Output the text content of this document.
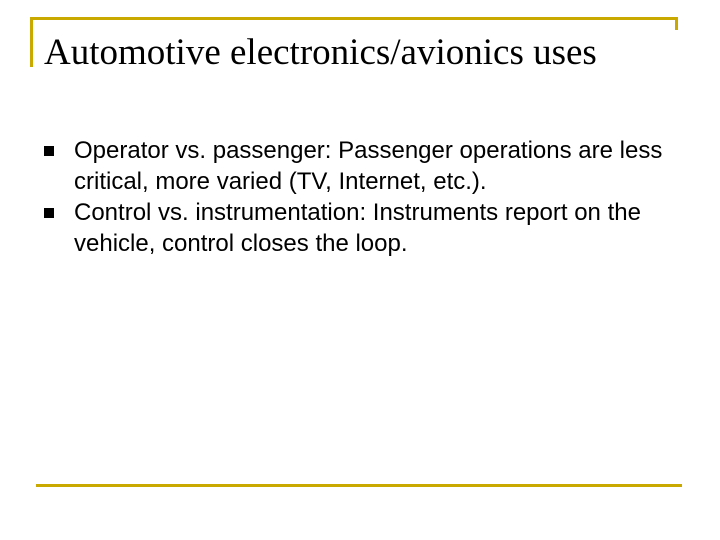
Automotive electronics/avionics uses
Operator vs. passenger: Passenger operations are less critical, more varied (TV, Internet, etc.).
Control vs. instrumentation: Instruments report on the vehicle, control closes the loop.
